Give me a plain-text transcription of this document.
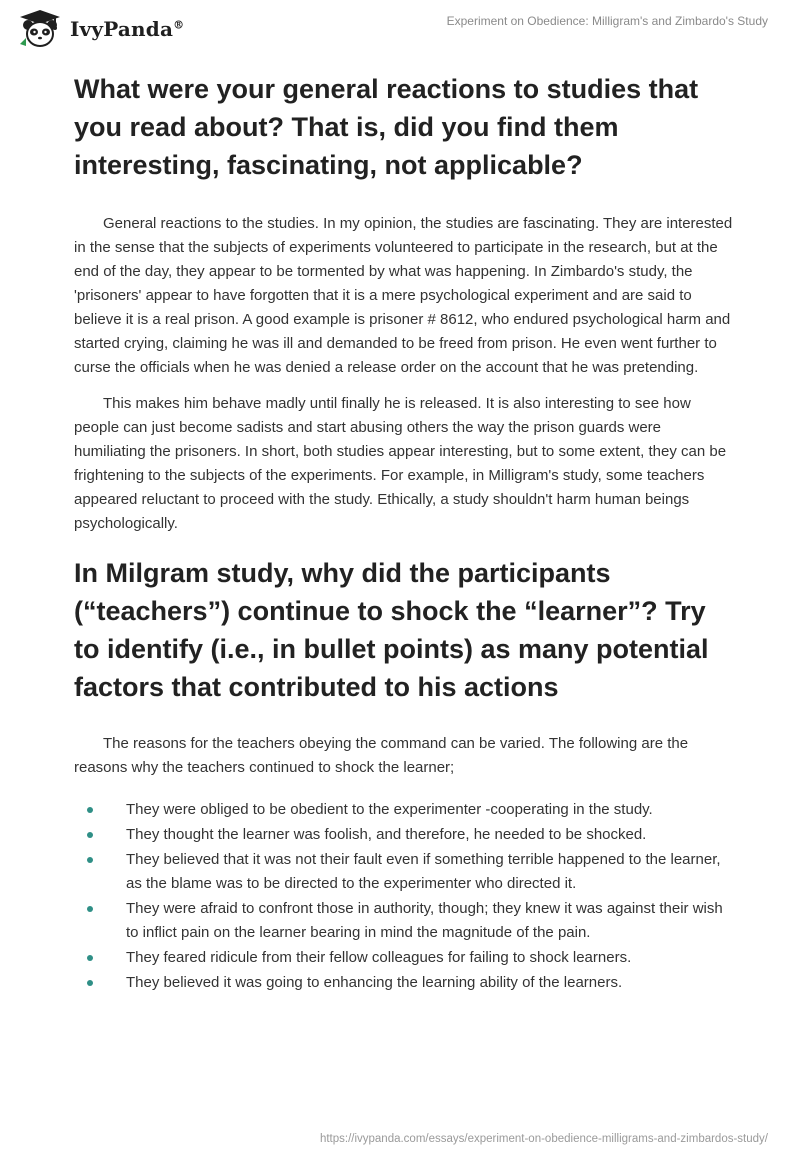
IvyPanda®	Experiment on Obedience: Milligram's and Zimbardo's Study
What were your general reactions to studies that you read about? That is, did you find them interesting, fascinating, not applicable?

General reactions to the studies. In my opinion, the studies are fascinating. They are interested in the sense that the subjects of experiments volunteered to participate in the research, but at the end of the day, they appear to be tormented by what was happening. In Zimbardo's study, the 'prisoners' appear to have forgotten that it is a mere psychological experiment and are said to believe it is a real prison. A good example is prisoner # 8612, who endured psychological harm and started crying, claiming he was ill and demanded to be freed from prison. He even went further to curse the officials when he was denied a release order on the account that he was pretending.

This makes him behave madly until finally he is released. It is also interesting to see how people can just become sadists and start abusing others the way the prison guards were humiliating the prisoners. In short, both studies appear interesting, but to some extent, they can be frightening to the subjects of the experiments. For example, in Milligram's study, some teachers appeared reluctant to proceed with the study. Ethically, a study shouldn't harm human beings psychologically.

In Milgram study, why did the participants (“teachers”) continue to shock the “learner”? Try to identify (i.e., in bullet points) as many potential factors that contributed to his actions

The reasons for the teachers obeying the command can be varied. The following are the reasons why the teachers continued to shock the learner;

They were obliged to be obedient to the experimenter -cooperating in the study.
They thought the learner was foolish, and therefore, he needed to be shocked.
They believed that it was not their fault even if something terrible happened to the learner, as the blame was to be directed to the experimenter who directed it.
They were afraid to confront those in authority, though; they knew it was against their wish to inflict pain on the learner bearing in mind the magnitude of the pain.
They feared ridicule from their fellow colleagues for failing to shock learners.
They believed it was going to enhancing the learning ability of the learners.
https://ivypanda.com/essays/experiment-on-obedience-milligrams-and-zimbardos-study/
